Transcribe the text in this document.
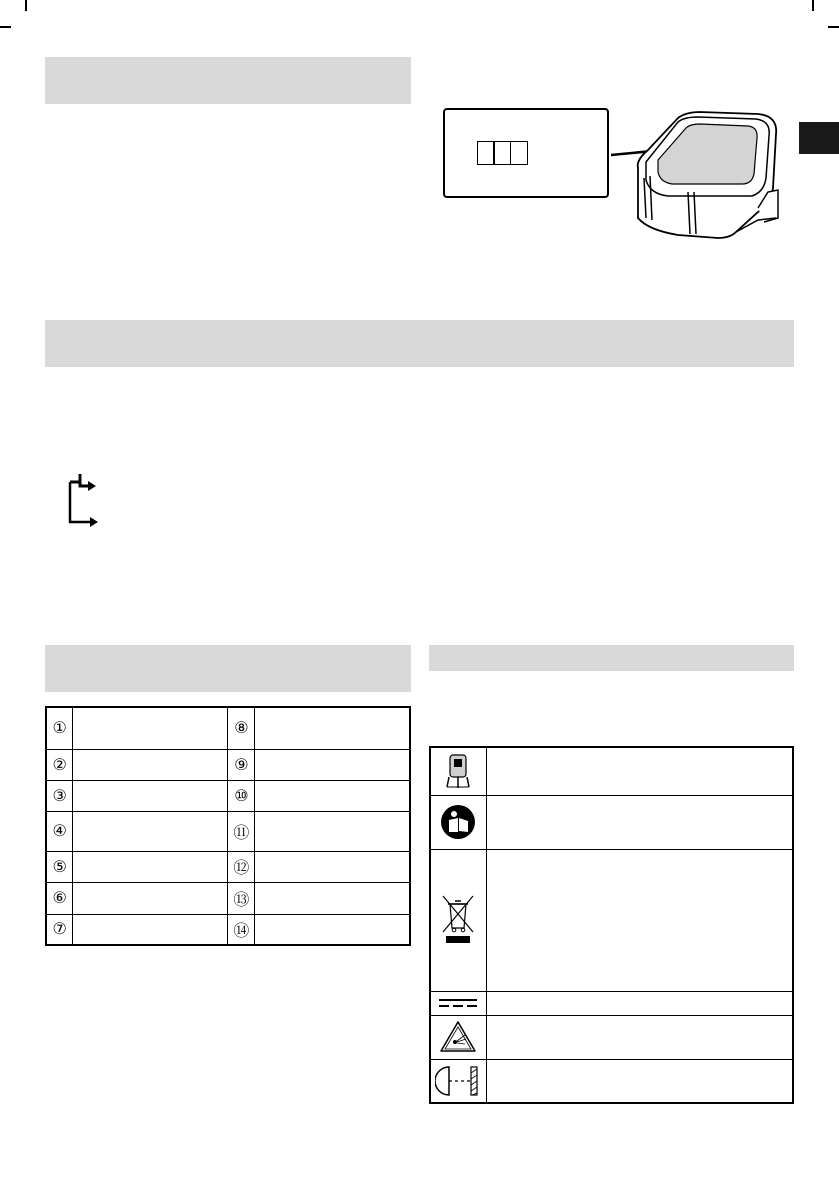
①		⑧	
②		⑨	
③		⑩	
④		⑪	
⑤		⑫	
⑥		⑬	
⑦		⑭	
